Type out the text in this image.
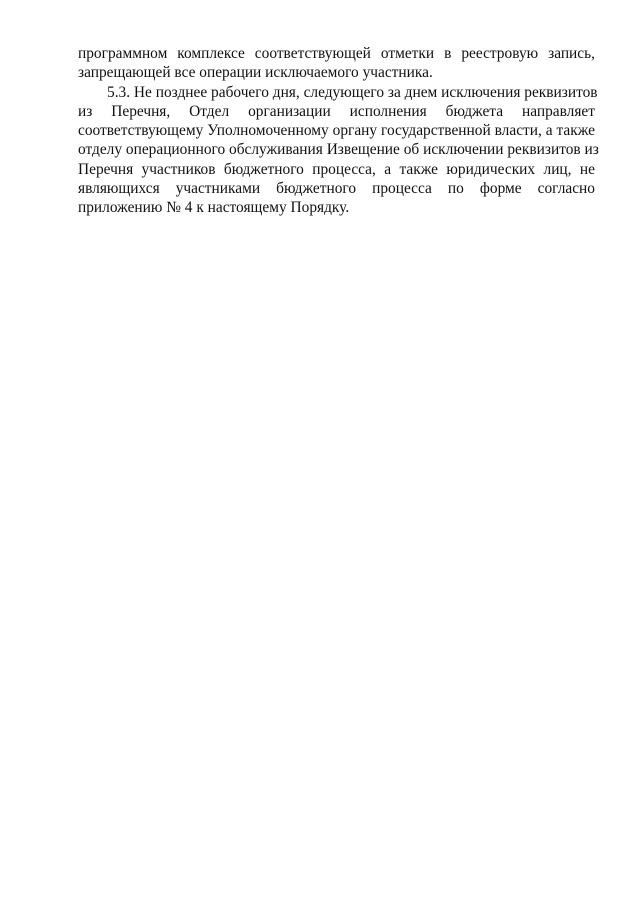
программном комплексе соответствующей отметки в реестровую запись,
запрещающей все операции исключаемого участника.
5.3. Не позднее рабочего дня, следующего за днем исключения реквизитов
из Перечня, Отдел организации исполнения бюджета направляет
соответствующему Уполномоченному органу государственной власти, а также
отделу операционного обслуживания Извещение об исключении реквизитов из
Перечня участников бюджетного процесса, а также юридических лиц, не
являющихся участниками бюджетного процесса по форме согласно
приложению № 4 к настоящему Порядку.
